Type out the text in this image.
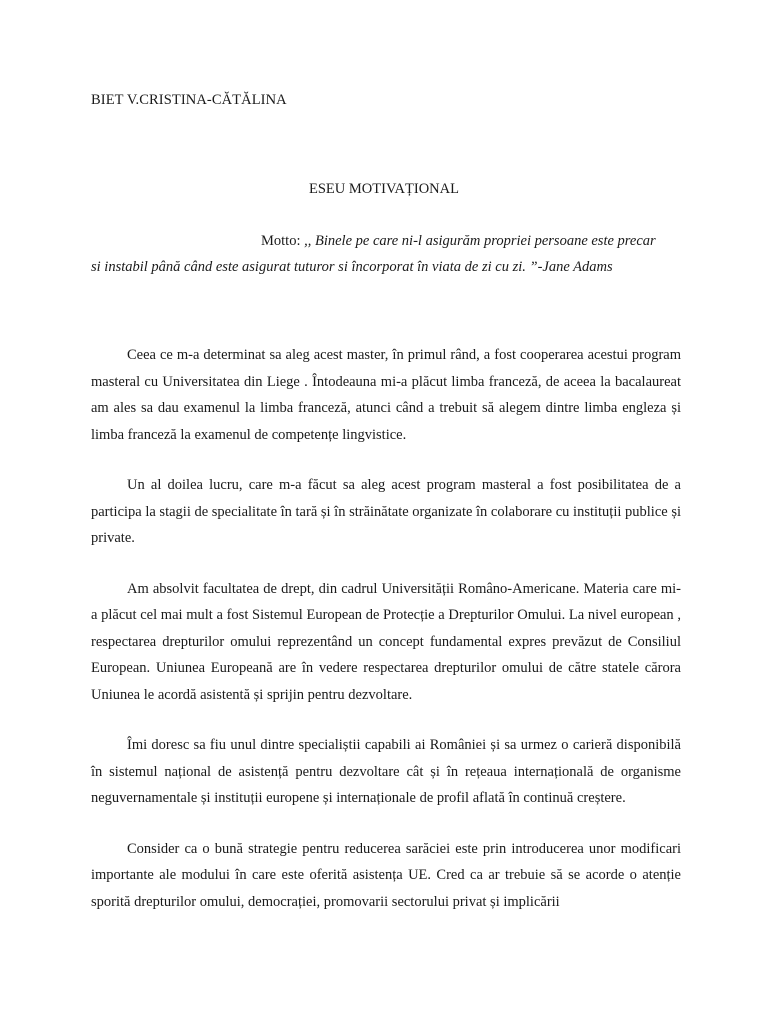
BIET V.CRISTINA-CĂTĂLINA
ESEU MOTIVAȚIONAL
Motto: ,, Binele pe care ni-l asigurăm propriei persoane este precar
si instabil până când este asigurat tuturor si încorporat în viata de zi cu zi. ”-Jane Adams

Ceea ce m-a determinat sa aleg acest master, în primul rând, a fost cooperarea acestui program masteral cu Universitatea din Liege . Întodeauna mi-a plăcut limba franceză, de aceea la bacalaureat am ales sa dau examenul la limba franceză, atunci când a trebuit să alegem dintre limba engleza și limba franceză la examenul de competențe lingvistice.

Un al doilea lucru, care m-a făcut sa aleg acest program masteral a fost posibilitatea de a participa la stagii de specialitate în tară și în străinătate organizate în colaborare cu instituții publice și private.

Am absolvit facultatea de drept, din cadrul Universității Româno-Americane. Materia care mi-a plăcut cel mai mult a fost Sistemul European de Protecție a Drepturilor Omului. La nivel european , respectarea drepturilor omului reprezentând un concept fundamental expres prevăzut de Consiliul European. Uniunea Europeană are în vedere respectarea drepturilor omului de către statele cărora Uniunea le acordă asistentă și sprijin pentru dezvoltare.

Îmi doresc sa fiu unul dintre specialiștii capabili ai României și sa urmez o carieră disponibilă în sistemul național de asistență pentru dezvoltare cât și în rețeaua internațională de organisme neguvernamentale și instituții europene și internaționale de profil aflată în continuă creștere.

Consider ca o bună strategie pentru reducerea sarăciei este prin introducerea unor modificari importante ale modului în care este oferită asistența UE. Cred ca ar trebuie să se acorde o atenție sporită drepturilor omului, democrației, promovarii sectorului privat și implicării
